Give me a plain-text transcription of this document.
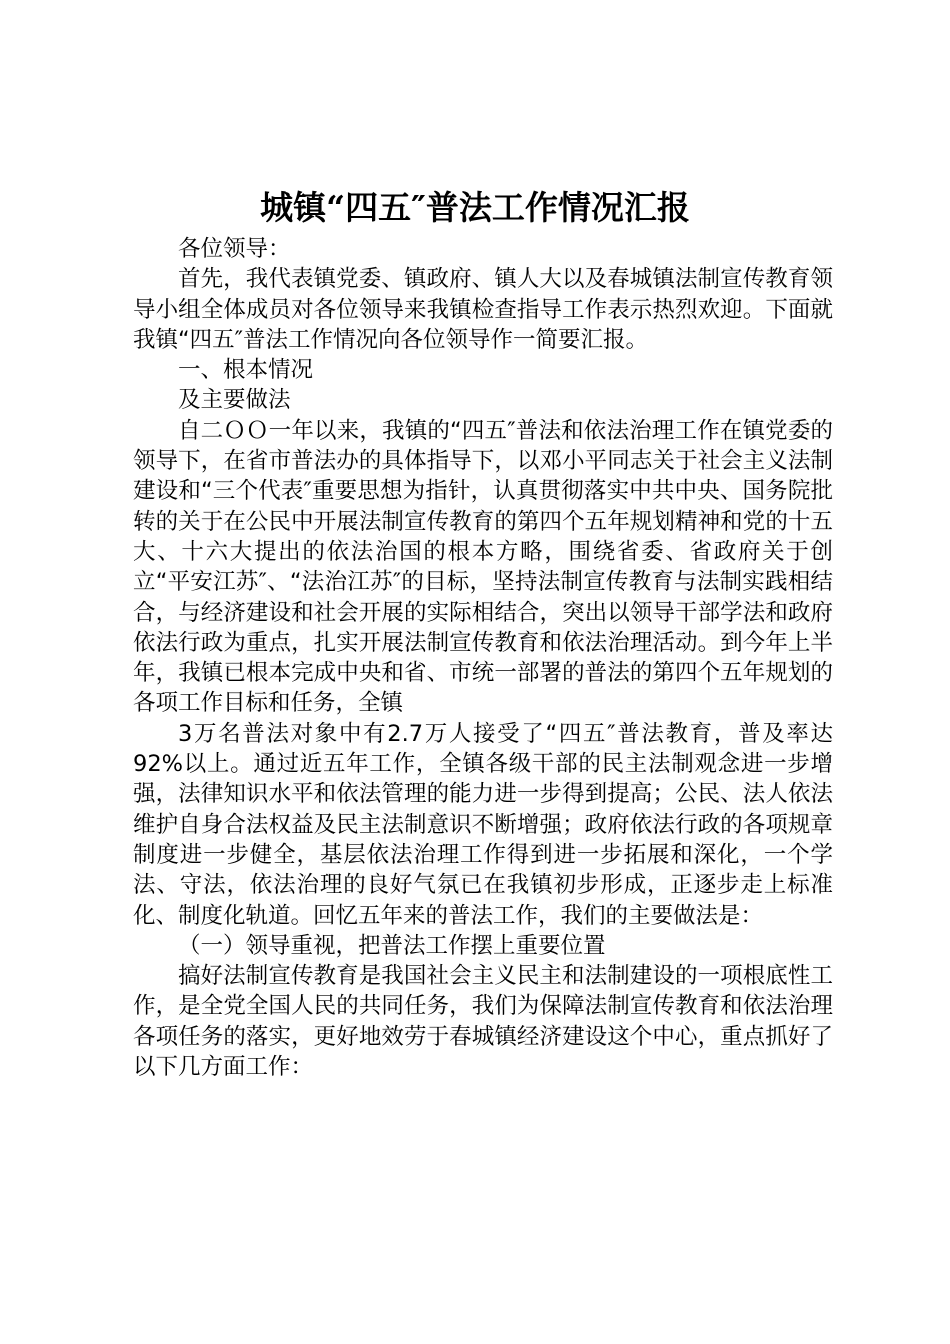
城镇“四五″普法工作情况汇报

各位领导：

首先，我代表镇党委、镇政府、镇人大以及春城镇法制宣传教育领导小组全体成员对各位领导来我镇检查指导工作表示热烈欢迎。下面就我镇“四五″普法工作情况向各位领导作一简要汇报。

一、根本情况

及主要做法

自二ＯＯ一年以来，我镇的“四五″普法和依法治理工作在镇党委的领导下，在省市普法办的具体指导下，以邓小平同志关于社会主义法制建设和“三个代表″重要思想为指针，认真贯彻落实中共中央、国务院批转的关于在公民中开展法制宣传教育的第四个五年规划精神和党的十五大、十六大提出的依法治国的根本方略，围绕省委、省政府关于创立“平安江苏″、“法治江苏″的目标，坚持法制宣传教育与法制实践相结合，与经济建设和社会开展的实际相结合，突出以领导干部学法和政府依法行政为重点，扎实开展法制宣传教育和依法治理活动。到今年上半年，我镇已根本完成中央和省、市统一部署的普法的第四个五年规划的各项工作目标和任务，全镇

3万名普法对象中有2.7万人接受了“四五″普法教育，普及率达92%以上。通过近五年工作，全镇各级干部的民主法制观念进一步增强，法律知识水平和依法管理的能力进一步得到提高；公民、法人依法维护自身合法权益及民主法制意识不断增强；政府依法行政的各项规章制度进一步健全，基层依法治理工作得到进一步拓展和深化，一个学法、守法，依法治理的良好气氛已在我镇初步形成，正逐步走上标准化、制度化轨道。回忆五年来的普法工作，我们的主要做法是：

（一）领导重视，把普法工作摆上重要位置

搞好法制宣传教育是我国社会主义民主和法制建设的一项根底性工作，是全党全国人民的共同任务，我们为保障法制宣传教育和依法治理各项任务的落实，更好地效劳于春城镇经济建设这个中心，重点抓好了以下几方面工作：
